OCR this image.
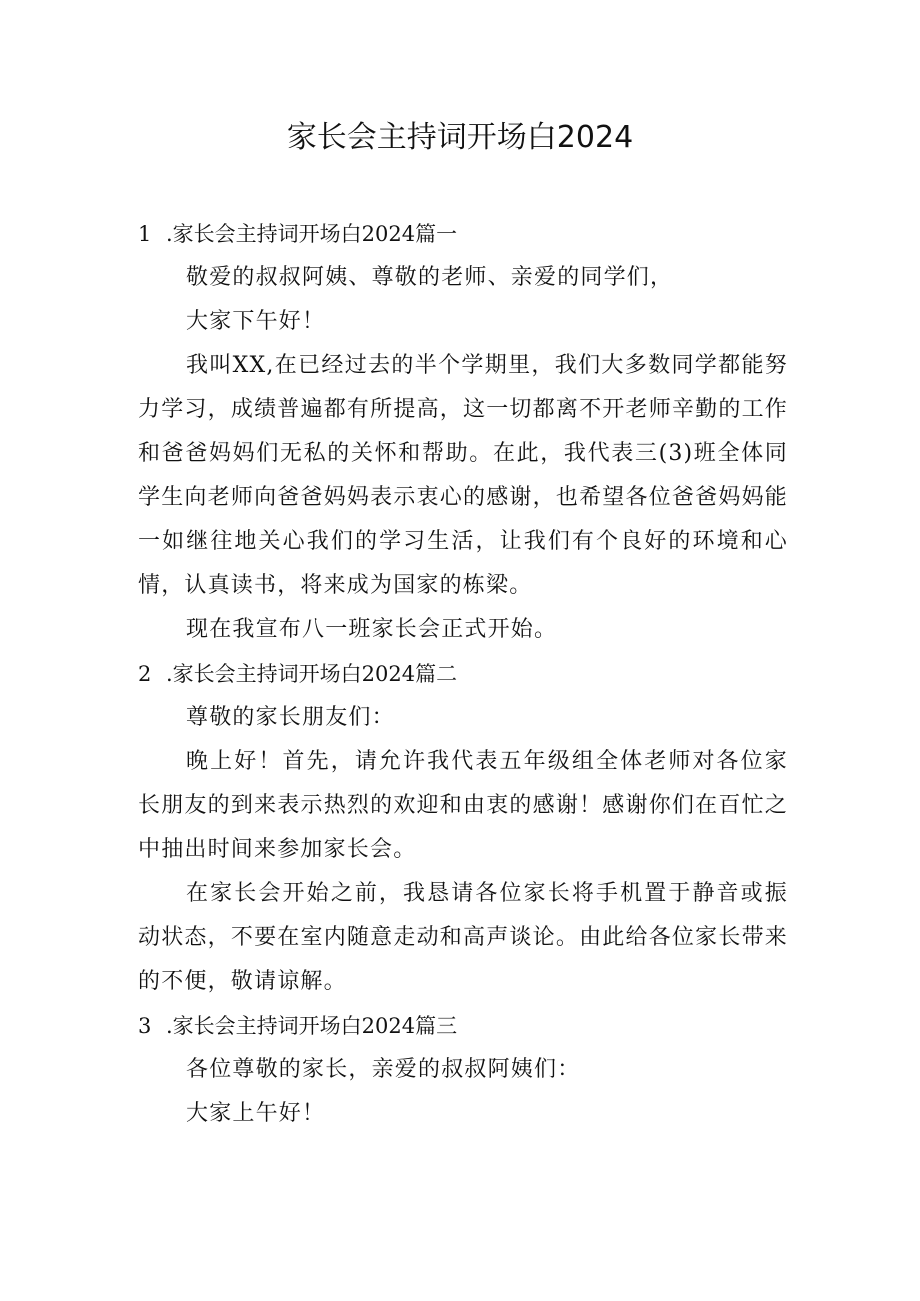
家长会主持词开场白2024
1 .家长会主持词开场白2024篇一

敬爱的叔叔阿姨、尊敬的老师、亲爱的同学们，

大家下午好！

我叫XX,在已经过去的半个学期里，我们大多数同学都能努力学习，成绩普遍都有所提高，这一切都离不开老师辛勤的工作和爸爸妈妈们无私的关怀和帮助。在此，我代表三(3)班全体同学生向老师向爸爸妈妈表示衷心的感谢，也希望各位爸爸妈妈能一如继往地关心我们的学习生活，让我们有个良好的环境和心情，认真读书，将来成为国家的栋梁。

现在我宣布八一班家长会正式开始。

2 .家长会主持词开场白2024篇二

尊敬的家长朋友们：

晚上好！首先，请允许我代表五年级组全体老师对各位家长朋友的到来表示热烈的欢迎和由衷的感谢！感谢你们在百忙之中抽出时间来参加家长会。

在家长会开始之前，我恳请各位家长将手机置于静音或振动状态，不要在室内随意走动和高声谈论。由此给各位家长带来的不便，敬请谅解。

3 .家长会主持词开场白2024篇三

各位尊敬的家长，亲爱的叔叔阿姨们：

大家上午好！
